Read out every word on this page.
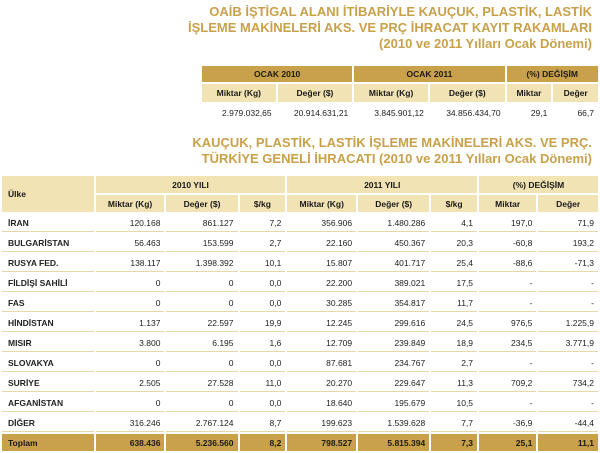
OAİB İŞTİGAL ALANI İTİBARİYLE KAUÇUK, PLASTİK, LASTİK
İŞLEME MAKİNELERİ AKS. VE PRÇ İHRACAT KAYIT RAKAMLARI
(2010 ve 2011 Yılları Ocak Dönemi)
OCAK 2010		OCAK 2011		(%) DEĞİŞİM	
Miktar (Kg)	Değer ($)	Miktar (Kg)	Değer ($)	Miktar	Değer
2.979.032,65	20.914.631,21	3.845.901,12	34.856.434,70	29,1	66,7
KAUÇUK, PLASTİK, LASTİK İŞLEME MAKİNELERİ AKS. VE PRÇ.
TÜRKİYE GENELİ İHRACATI (2010 ve 2011 Yılları Ocak Dönemi)
Ülke	2010 YILI			2011 YILI			(%) DEĞİŞİM	
	Miktar (Kg)	Değer ($)	$/kg	Miktar (Kg)	Değer ($)	$/kg	Miktar	Değer
İRAN	120.168	861.127	7,2	356.906	1.480.286	4,1	197,0	71,9
BULGARİSTAN	56.463	153.599	2,7	22.160	450.367	20,3	-60,8	193,2
RUSYA FED.	138.117	1.398.392	10,1	15.807	401.717	25,4	-88,6	-71,3
FİLDİŞİ SAHİLİ	0	0	0,0	22.200	389.021	17,5	-	-
FAS	0	0	0,0	30.285	354.817	11,7	-	-
HİNDİSTAN	1.137	22.597	19,9	12.245	299.616	24,5	976,5	1.225,9
MISIR	3.800	6.195	1,6	12.709	239.849	18,9	234,5	3.771,9
SLOVAKYA	0	0	0,0	87.681	234.767	2,7	-	-
SURİYE	2.505	27.528	11,0	20.270	229.647	11,3	709,2	734,2
AFGANİSTAN	0	0	0,0	18.640	195.679	10,5	-	-
DİĞER	316.246	2.767.124	8,7	199.623	1.539.628	7,7	-36,9	-44,4
Toplam	638.436	5.236.560	8,2	798.527	5.815.394	7,3	25,1	11,1
